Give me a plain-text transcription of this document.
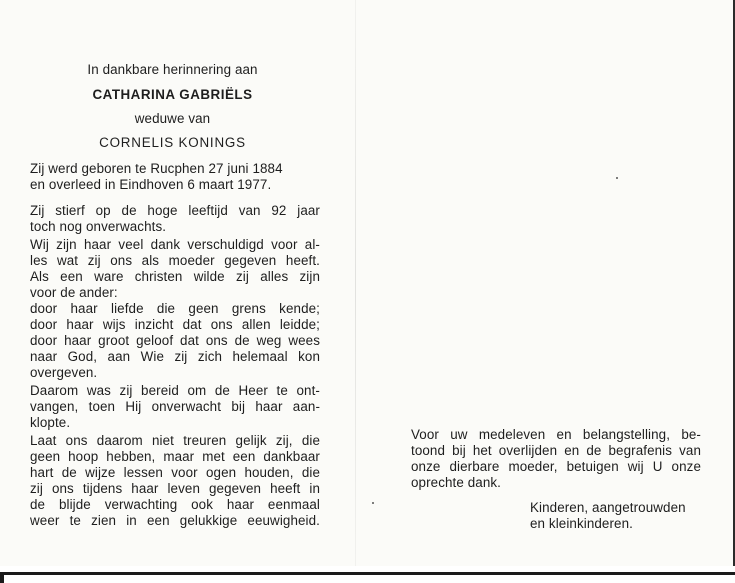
In dankbare herinnering aan
CATHARINA GABRIËLS
weduwe van
CORNELIS KONINGS
Zij werd geboren te Rucphen 27 juni 1884
en overleed in Eindhoven 6 maart 1977.
Zij stierf op de hoge leeftijd van 92 jaar
toch nog onverwachts.
Wij zijn haar veel dank verschuldigd voor al-
les wat zij ons als moeder gegeven heeft.
Als een ware christen wilde zij alles zijn
voor de ander:
door haar liefde die geen grens kende;
door haar wijs inzicht dat ons allen leidde;
door haar groot geloof dat ons de weg wees
naar God, aan Wie zij zich helemaal kon
overgeven.
Daarom was zij bereid om de Heer te ont-
vangen, toen Hij onverwacht bij haar aan-
klopte.
Laat ons daarom niet treuren gelijk zij, die
geen hoop hebben, maar met een dankbaar
hart de wijze lessen voor ogen houden, die
zij ons tijdens haar leven gegeven heeft in
de blijde verwachting ook haar eenmaal
weer te zien in een gelukkige eeuwigheid.
Voor uw medeleven en belangstelling, be-
toond bij het overlijden en de begrafenis van
onze dierbare moeder, betuigen wij U onze
oprechte dank.
Kinderen, aangetrouwden
en kleinkinderen.
